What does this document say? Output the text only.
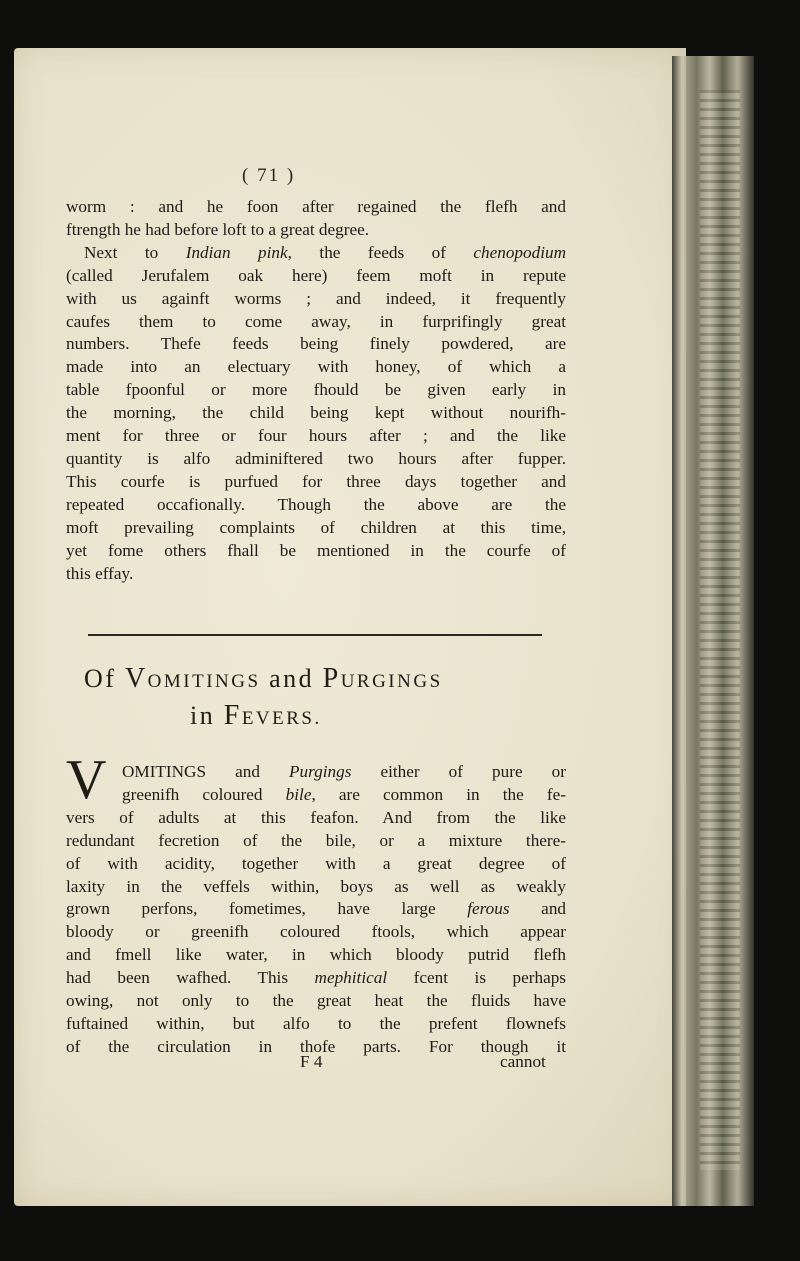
( 71 )
worm : and he foon after regained the flefh and
ftrength he had before loft to a great degree.
Next to Indian pink, the feeds of chenopodium
(called Jerufalem oak here) feem moft in repute
with us againft worms ; and indeed, it frequently
caufes them to come away, in furprifingly great
numbers. Thefe feeds being finely powdered, are
made into an electuary with honey, of which a
table fpoonful or more fhould be given early in
the morning, the child being kept without nourifh-
ment for three or four hours after ; and the like
quantity is alfo adminiftered two hours after fupper.
This courfe is purfued for three days together and
repeated occafionally. Though the above are the
moft prevailing complaints of children at this time,
yet fome others fhall be mentioned in the courfe of
this effay.
Of VOMITINGS and PURGINGS
in FEVERS.
V OMITINGS and Purgings either of pure or
greenifh coloured bile, are common in the fe-
vers of adults at this feafon. And from the like
redundant fecretion of the bile, or a mixture there-
of with acidity, together with a great degree of
laxity in the veffels within, boys as well as weakly
grown perfons, fometimes, have large ferous and
bloody or greenifh coloured ftools, which appear
and fmell like water, in which bloody putrid flefh
had been wafhed. This mephitical fcent is perhaps
owing, not only to the great heat the fluids have
fuftained within, but alfo to the prefent flownefs
of the circulation in thofe parts. For though it
F 4	cannot
